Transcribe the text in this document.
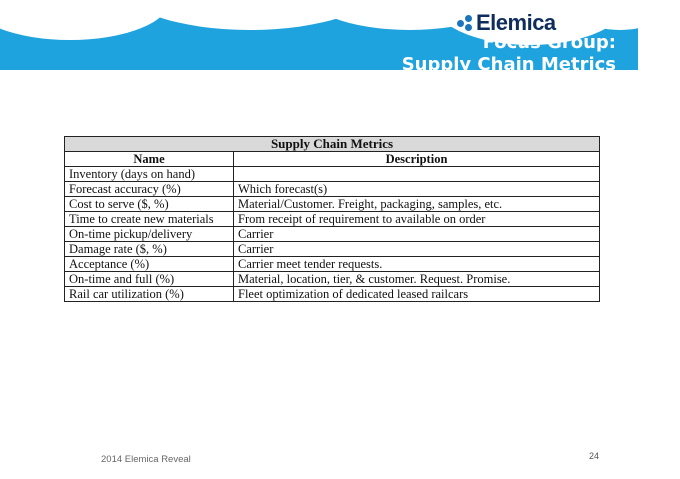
Elemica
Focus Group:
Supply Chain Metrics
Supply Chain Metrics	
Name	Description
Inventory (days on hand)	
Forecast accuracy (%)	Which forecast(s)
Cost to serve ($, %)	Material/Customer. Freight, packaging, samples, etc.
Time to create new materials	From receipt of requirement to available on order
On-time pickup/delivery	Carrier
Damage rate ($, %)	Carrier
Acceptance (%)	Carrier meet tender requests.
On-time and full (%)	Material, location, tier, & customer. Request. Promise.
Rail car utilization (%)	Fleet optimization of dedicated leased railcars
2014 Elemica Reveal	24
